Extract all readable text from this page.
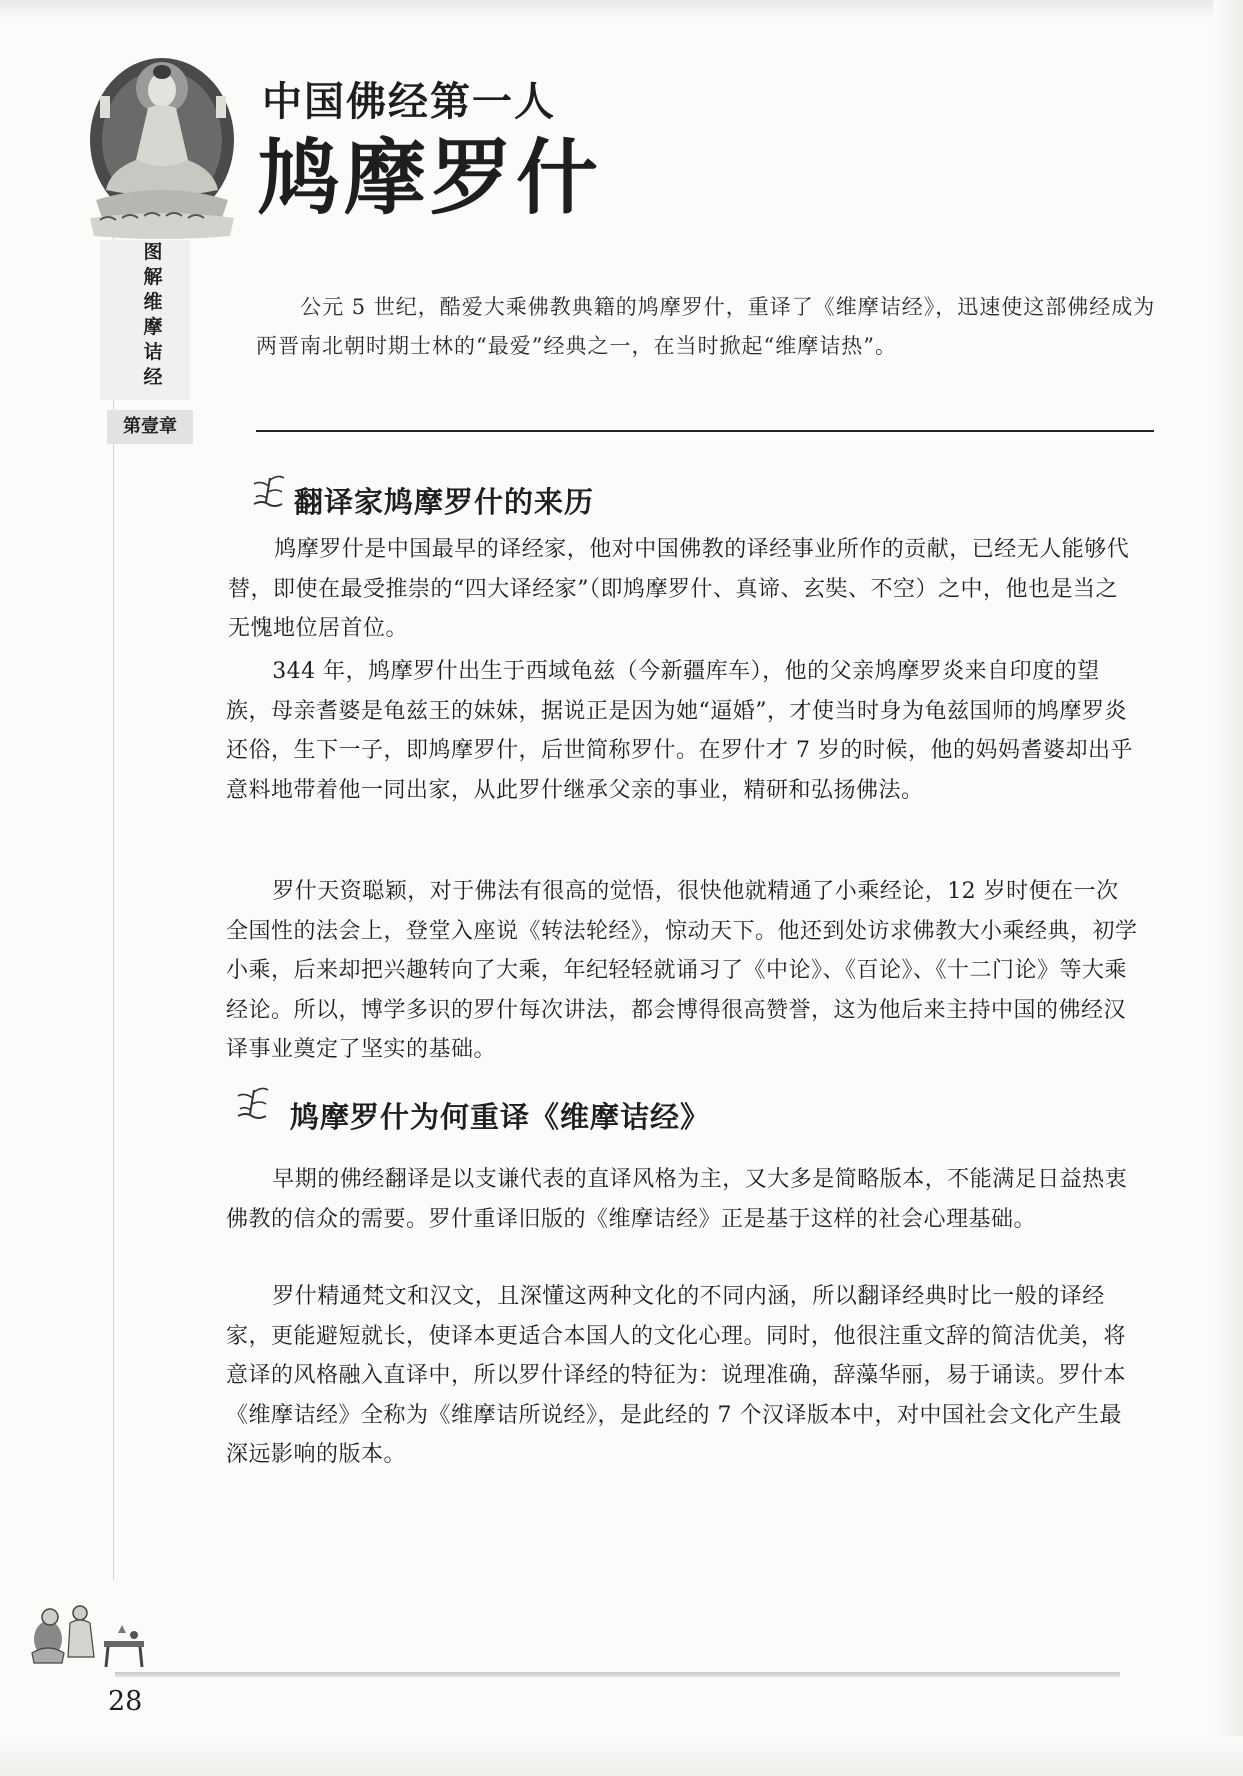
中国佛经第一人
鸠摩罗什
图
解
维
摩
诘
经
第壹章

公元 5 世纪，酷爱大乘佛教典籍的鸠摩罗什，重译了《维摩诘经》，迅速使这部佛经成为两晋南北朝时期士林的“最爱”经典之一，在当时掀起“维摩诘热”。

翻译家鸠摩罗什的来历

鸠摩罗什是中国最早的译经家，他对中国佛教的译经事业所作的贡献，已经无人能够代替，即使在最受推崇的“四大译经家”（即鸠摩罗什、真谛、玄奘、不空）之中，他也是当之无愧地位居首位。

344 年，鸠摩罗什出生于西域龟兹（今新疆库车），他的父亲鸠摩罗炎来自印度的望族，母亲耆婆是龟兹王的妹妹，据说正是因为她“逼婚”，才使当时身为龟兹国师的鸠摩罗炎还俗，生下一子，即鸠摩罗什，后世简称罗什。在罗什才 7 岁的时候，他的妈妈耆婆却出乎意料地带着他一同出家，从此罗什继承父亲的事业，精研和弘扬佛法。

罗什天资聪颖，对于佛法有很高的觉悟，很快他就精通了小乘经论，12 岁时便在一次全国性的法会上，登堂入座说《转法轮经》，惊动天下。他还到处访求佛教大小乘经典，初学小乘，后来却把兴趣转向了大乘，年纪轻轻就诵习了《中论》、《百论》、《十二门论》等大乘经论。所以，博学多识的罗什每次讲法，都会博得很高赞誉，这为他后来主持中国的佛经汉译事业奠定了坚实的基础。

鸠摩罗什为何重译《维摩诘经》

早期的佛经翻译是以支谦代表的直译风格为主，又大多是简略版本，不能满足日益热衷佛教的信众的需要。罗什重译旧版的《维摩诘经》正是基于这样的社会心理基础。

罗什精通梵文和汉文，且深懂这两种文化的不同内涵，所以翻译经典时比一般的译经家，更能避短就长，使译本更适合本国人的文化心理。同时，他很注重文辞的简洁优美，将意译的风格融入直译中，所以罗什译经的特征为：说理准确，辞藻华丽，易于诵读。罗什本《维摩诘经》全称为《维摩诘所说经》，是此经的 7 个汉译版本中，对中国社会文化产生最深远影响的版本。

28
